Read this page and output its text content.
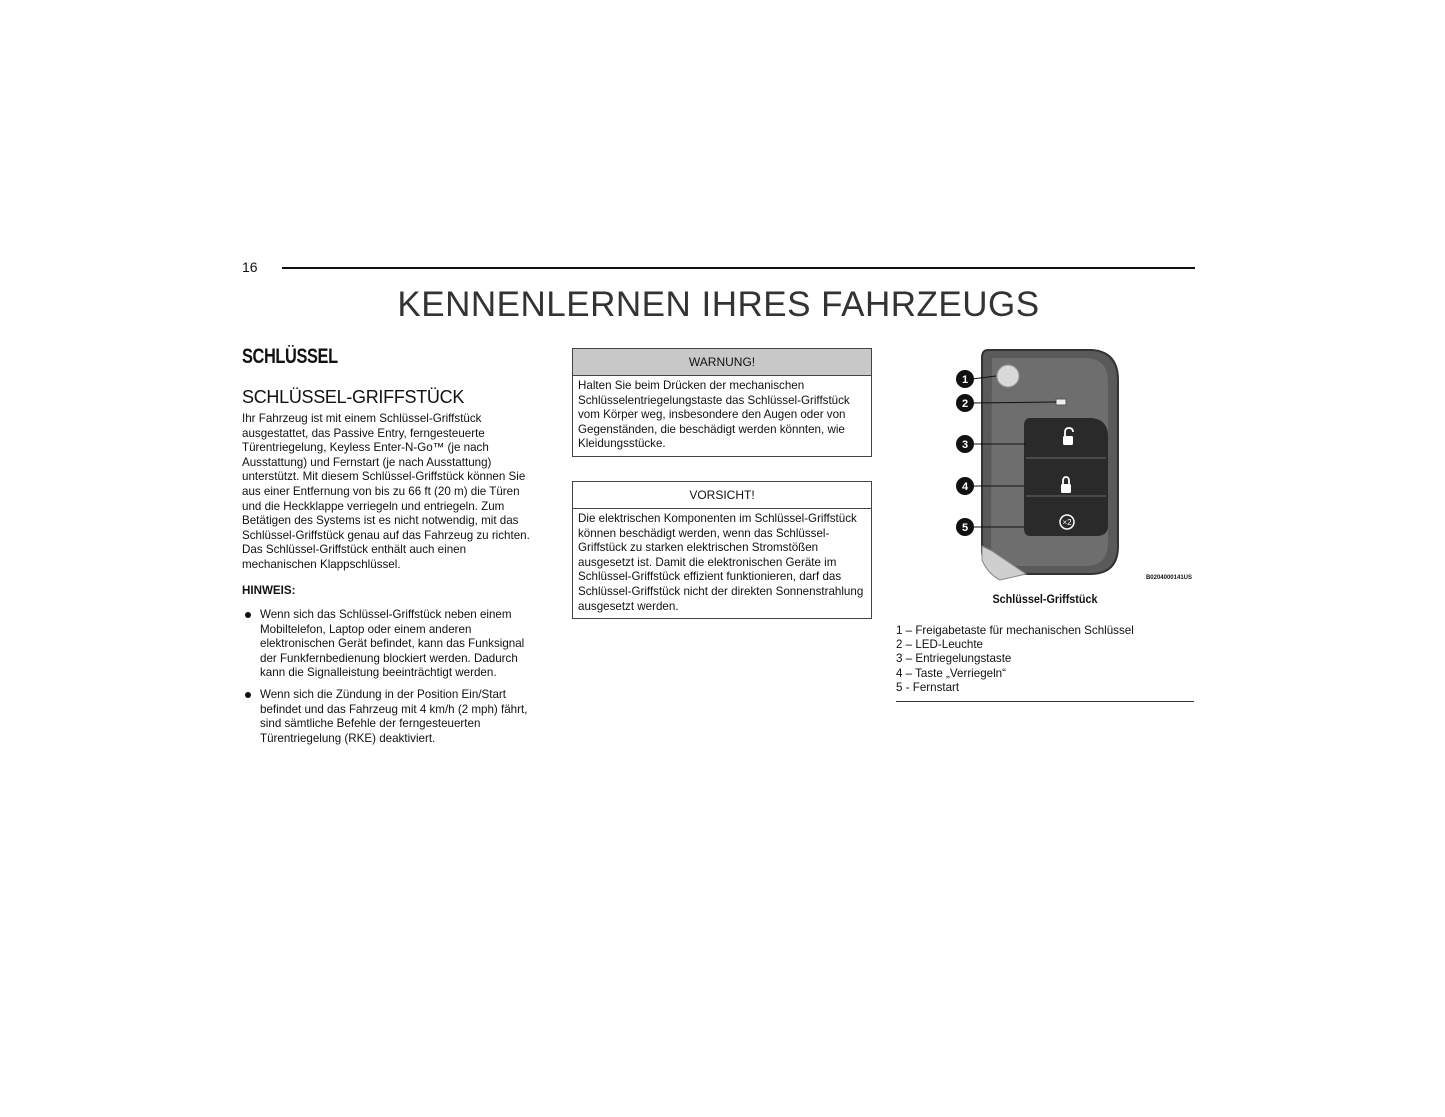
16
KENNENLERNEN IHRES FAHRZEUGS
SCHLÜSSEL
SCHLÜSSEL-GRIFFSTÜCK

Ihr Fahrzeug ist mit einem Schlüssel-Griffstück ausgestattet, das Passive Entry, ferngesteuerte Türentriegelung, Keyless Enter-N-Go™ (je nach Ausstattung) und Fernstart (je nach Ausstattung) unterstützt. Mit diesem Schlüssel-Griffstück können Sie aus einer Entfernung von bis zu 66 ft (20 m) die Türen und die Heckklappe verriegeln und entriegeln. Zum Betätigen des Systems ist es nicht notwendig, mit das Schlüssel-Griffstück genau auf das Fahrzeug zu richten. Das Schlüssel-Griffstück enthält auch einen mechanischen Klappschlüssel.

HINWEIS:
Wenn sich das Schlüssel-Griffstück neben einem Mobiltelefon, Laptop oder einem anderen elektronischen Gerät befindet, kann das Funksignal der Funkfernbedienung blockiert werden. Dadurch kann die Signalleistung beeinträchtigt werden.
Wenn sich die Zündung in der Position Ein/Start befindet und das Fahrzeug mit 4 km/h (2 mph) fährt, sind sämtliche Befehle der ferngesteuerten Türentriegelung (RKE) deaktiviert.
WARNUNG!
Halten Sie beim Drücken der mechanischen Schlüsselentriegelungstaste das Schlüssel-Griffstück vom Körper weg, insbesondere den Augen oder von Gegenständen, die beschädigt werden könnten, wie Kleidungsstücke.
VORSICHT!
Die elektrischen Komponenten im Schlüssel-Griffstück können beschädigt werden, wenn das Schlüssel-Griffstück zu starken elektrischen Stromstößen ausgesetzt ist. Damit die elektronischen Geräte im Schlüssel-Griffstück effizient funktionieren, darf das Schlüssel-Griffstück nicht der direkten Sonnenstrahlung ausgesetzt werden.
×2
1
2
3
4
5
B0204000141US
Schlüssel-Griffstück
1 – Freigabetaste für mechanischen Schlüssel
2 – LED-Leuchte
3 – Entriegelungstaste
4 – Taste „Verriegeln“
5 - Fernstart
